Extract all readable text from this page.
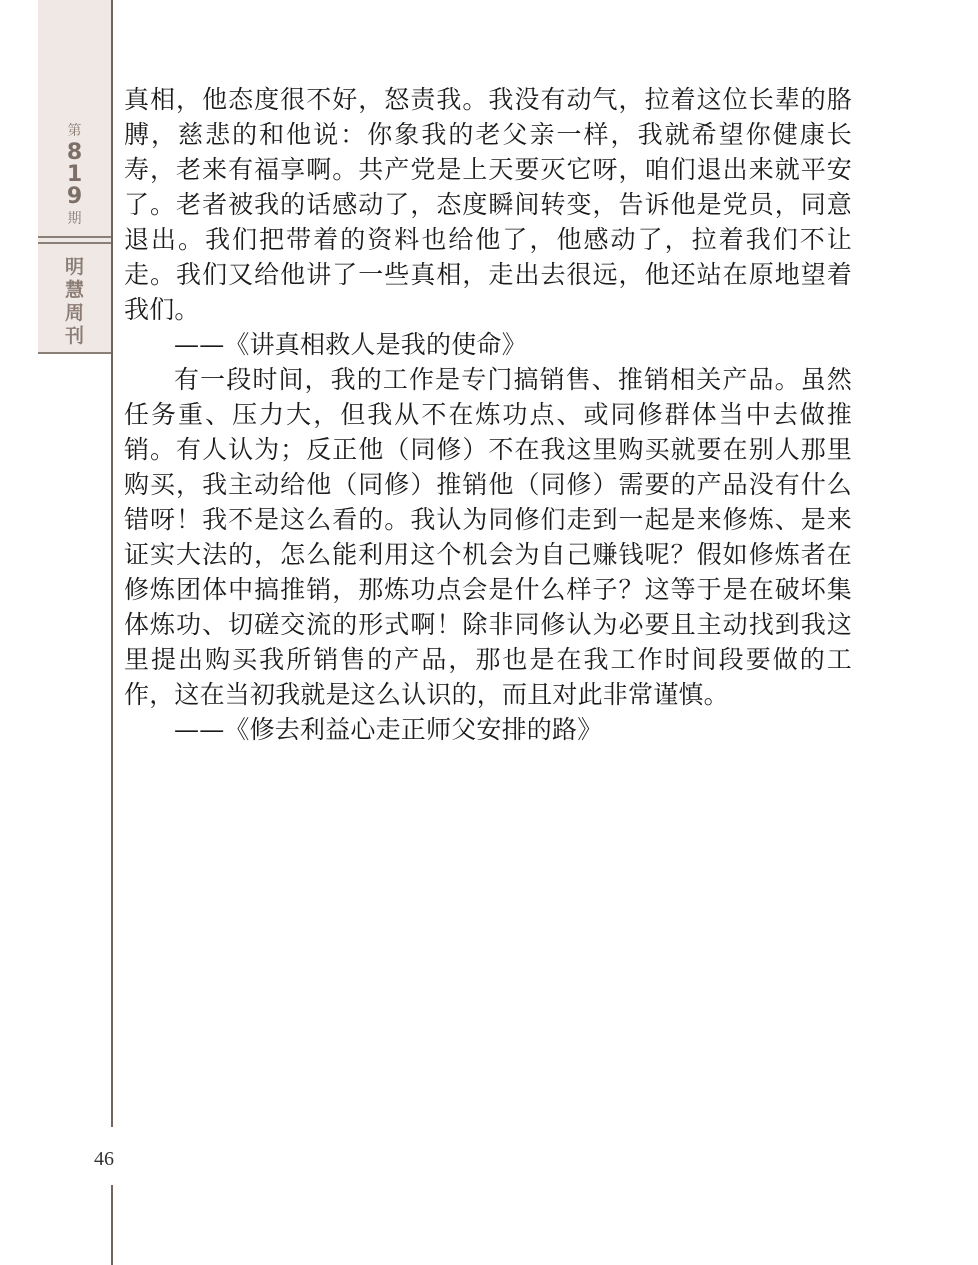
第
819
期
明慧周刊

真相，他态度很不好，怒责我。我没有动气，拉着这位长辈的胳膊，慈悲的和他说：你象我的老父亲一样，我就希望你健康长寿，老来有福享啊。共产党是上天要灭它呀，咱们退出来就平安了。老者被我的话感动了，态度瞬间转变，告诉他是党员，同意退出。我们把带着的资料也给他了，他感动了，拉着我们不让走。我们又给他讲了一些真相，走出去很远，他还站在原地望着我们。

——《讲真相救人是我的使命》

有一段时间，我的工作是专门搞销售、推销相关产品。虽然任务重、压力大，但我从不在炼功点、或同修群体当中去做推销。有人认为；反正他（同修）不在我这里购买就要在别人那里购买，我主动给他（同修）推销他（同修）需要的产品没有什么错呀！我不是这么看的。我认为同修们走到一起是来修炼、是来证实大法的，怎么能利用这个机会为自己赚钱呢？假如修炼者在修炼团体中搞推销，那炼功点会是什么样子？这等于是在破坏集体炼功、切磋交流的形式啊！除非同修认为必要且主动找到我这里提出购买我所销售的产品，那也是在我工作时间段要做的工作，这在当初我就是这么认识的，而且对此非常谨慎。

——《修去利益心走正师父安排的路》

46
